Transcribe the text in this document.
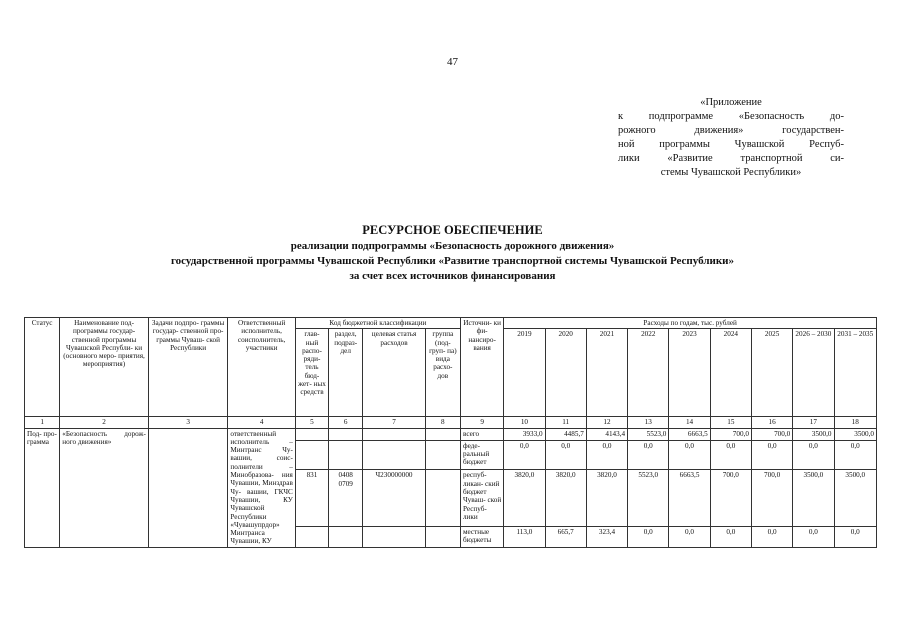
47
«Приложение
к подпрограмме «Безопасность до-
рожного движения» государствен-
ной программы Чувашской Респуб-
лики «Развитие транспортной си-
стемы Чувашской Республики»
РЕСУРСНОЕ ОБЕСПЕЧЕНИЕ
реализации подпрограммы «Безопасность дорожного движения»
государственной программы Чувашской Республики «Развитие транспортной системы Чувашской Республики»
за счет всех источников финансирования
Статус	Наименование под- программы государ- ственной программы Чувашской Республи- ки (основного меро- приятия, мероприятия)	Задачи подпро- граммы государ- ственной про- граммы Чуваш- ской Республики	Ответственный исполнитель, соисполнитель, участники	Код бюджетной классификации				Источни- ки фи- нансиро- вания	Расходы по годам, тыс. рублей								
				глав- ный распо- ряди- тель бюд- жет- ных средств	раздел, подраз- дел	целевая статья расходов	группа (под- груп- па) вида расхо- дов		2019	2020	2021	2022	2023	2024	2025	2026 – 2030	2031 – 2035
1	2	3	4	5	6	7	8	9	10	11	12	13	14	15	16	17	18
Под- про- грамма	«Безопасность дорож- ного движения»		ответственный исполнитель – Минтранс Чу- вашии, соис- полнители – Минобразова- ния Чувашии, Минздрав Чу- вашии, ГКЧС Чувашии, КУ Чувашской Республики «Чувашупрдор» Минтранса Чувашии, КУ					всего	3933,0	4485,7	4143,4	5523,0	6663,5	700,0	700,0	3500,0	3500,0
								феде- ральный бюджет	0,0	0,0	0,0	0,0	0,0	0,0	0,0	0,0	0,0
				831	0408 0709	Ч230000000		респуб- ликан- ский бюджет Чуваш- ской Респуб- лики	3820,0	3820,0	3820,0	5523,0	6663,5	700,0	700,0	3500,0	3500,0
								местные бюджеты	113,0	665,7	323,4	0,0	0,0	0,0	0,0	0,0	0,0
